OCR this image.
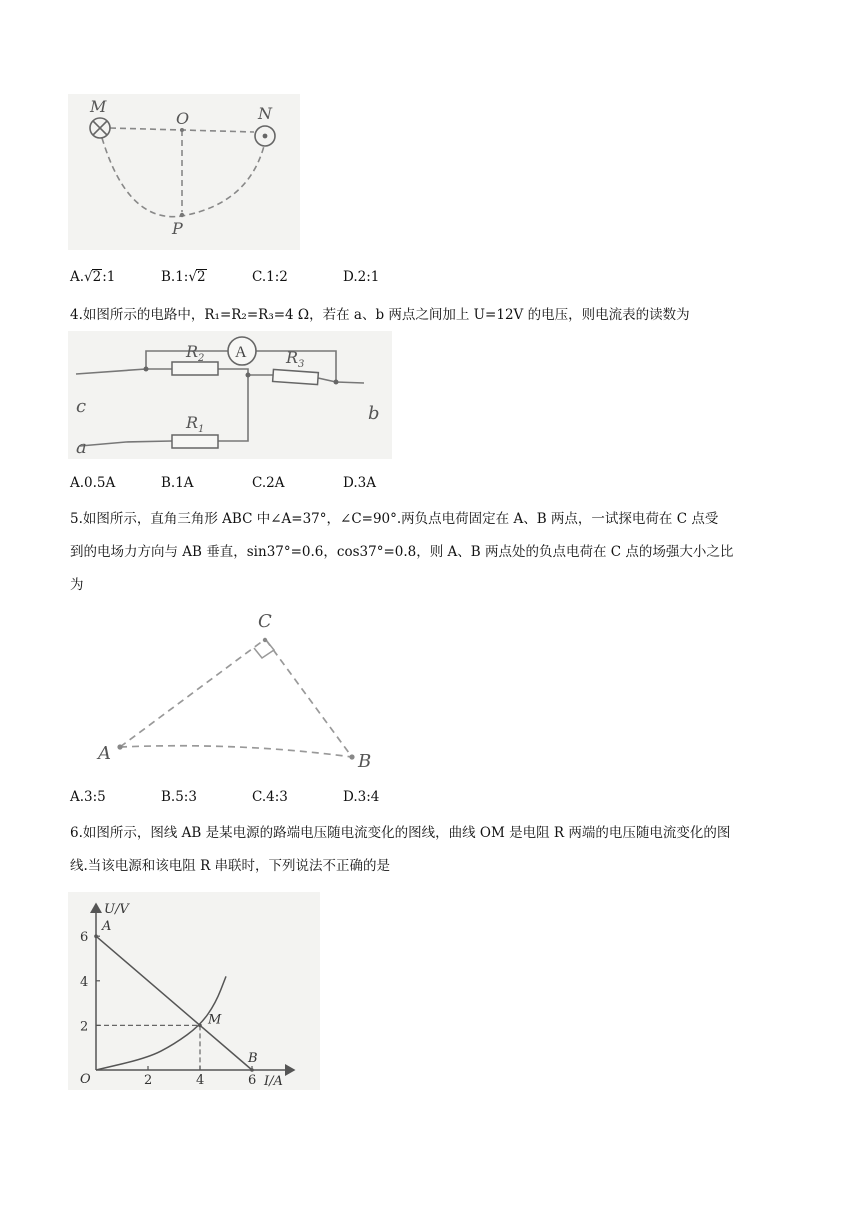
M
O	N
P
A.√2:1	B.1:√2	C.1:2	D.2:1
4.如图所示的电路中，R₁=R₂=R₃=4 Ω，若在 a、b 两点之间加上 U=12V 的电压，则电流表的读数为
A
$R_2$	$R_3$
$R_1$
c
a
b
A.0.5A	B.1A	C.2A	D.3A
5.如图所示，直角三角形 ABC 中∠A=37°，∠C=90°.两负点电荷固定在 A、B 两点，一试探电荷在 C 点受
到的电场力方向与 AB 垂直，sin37°=0.6，cos37°=0.8，则 A、B 两点处的负点电荷在 C 点的场强大小之比
为
A	B
C
A.3:5	B.5:3	C.4:3	D.3:4
6.如图所示，图线 AB 是某电源的路端电压随电流变化的图线，曲线 OM 是电阻 R 两端的电压随电流变化的图
线.当该电源和该电阻 R 串联时，下列说法不正确的是
U/V
I/A
O	2	4	6
2
4
6
A
M
B
